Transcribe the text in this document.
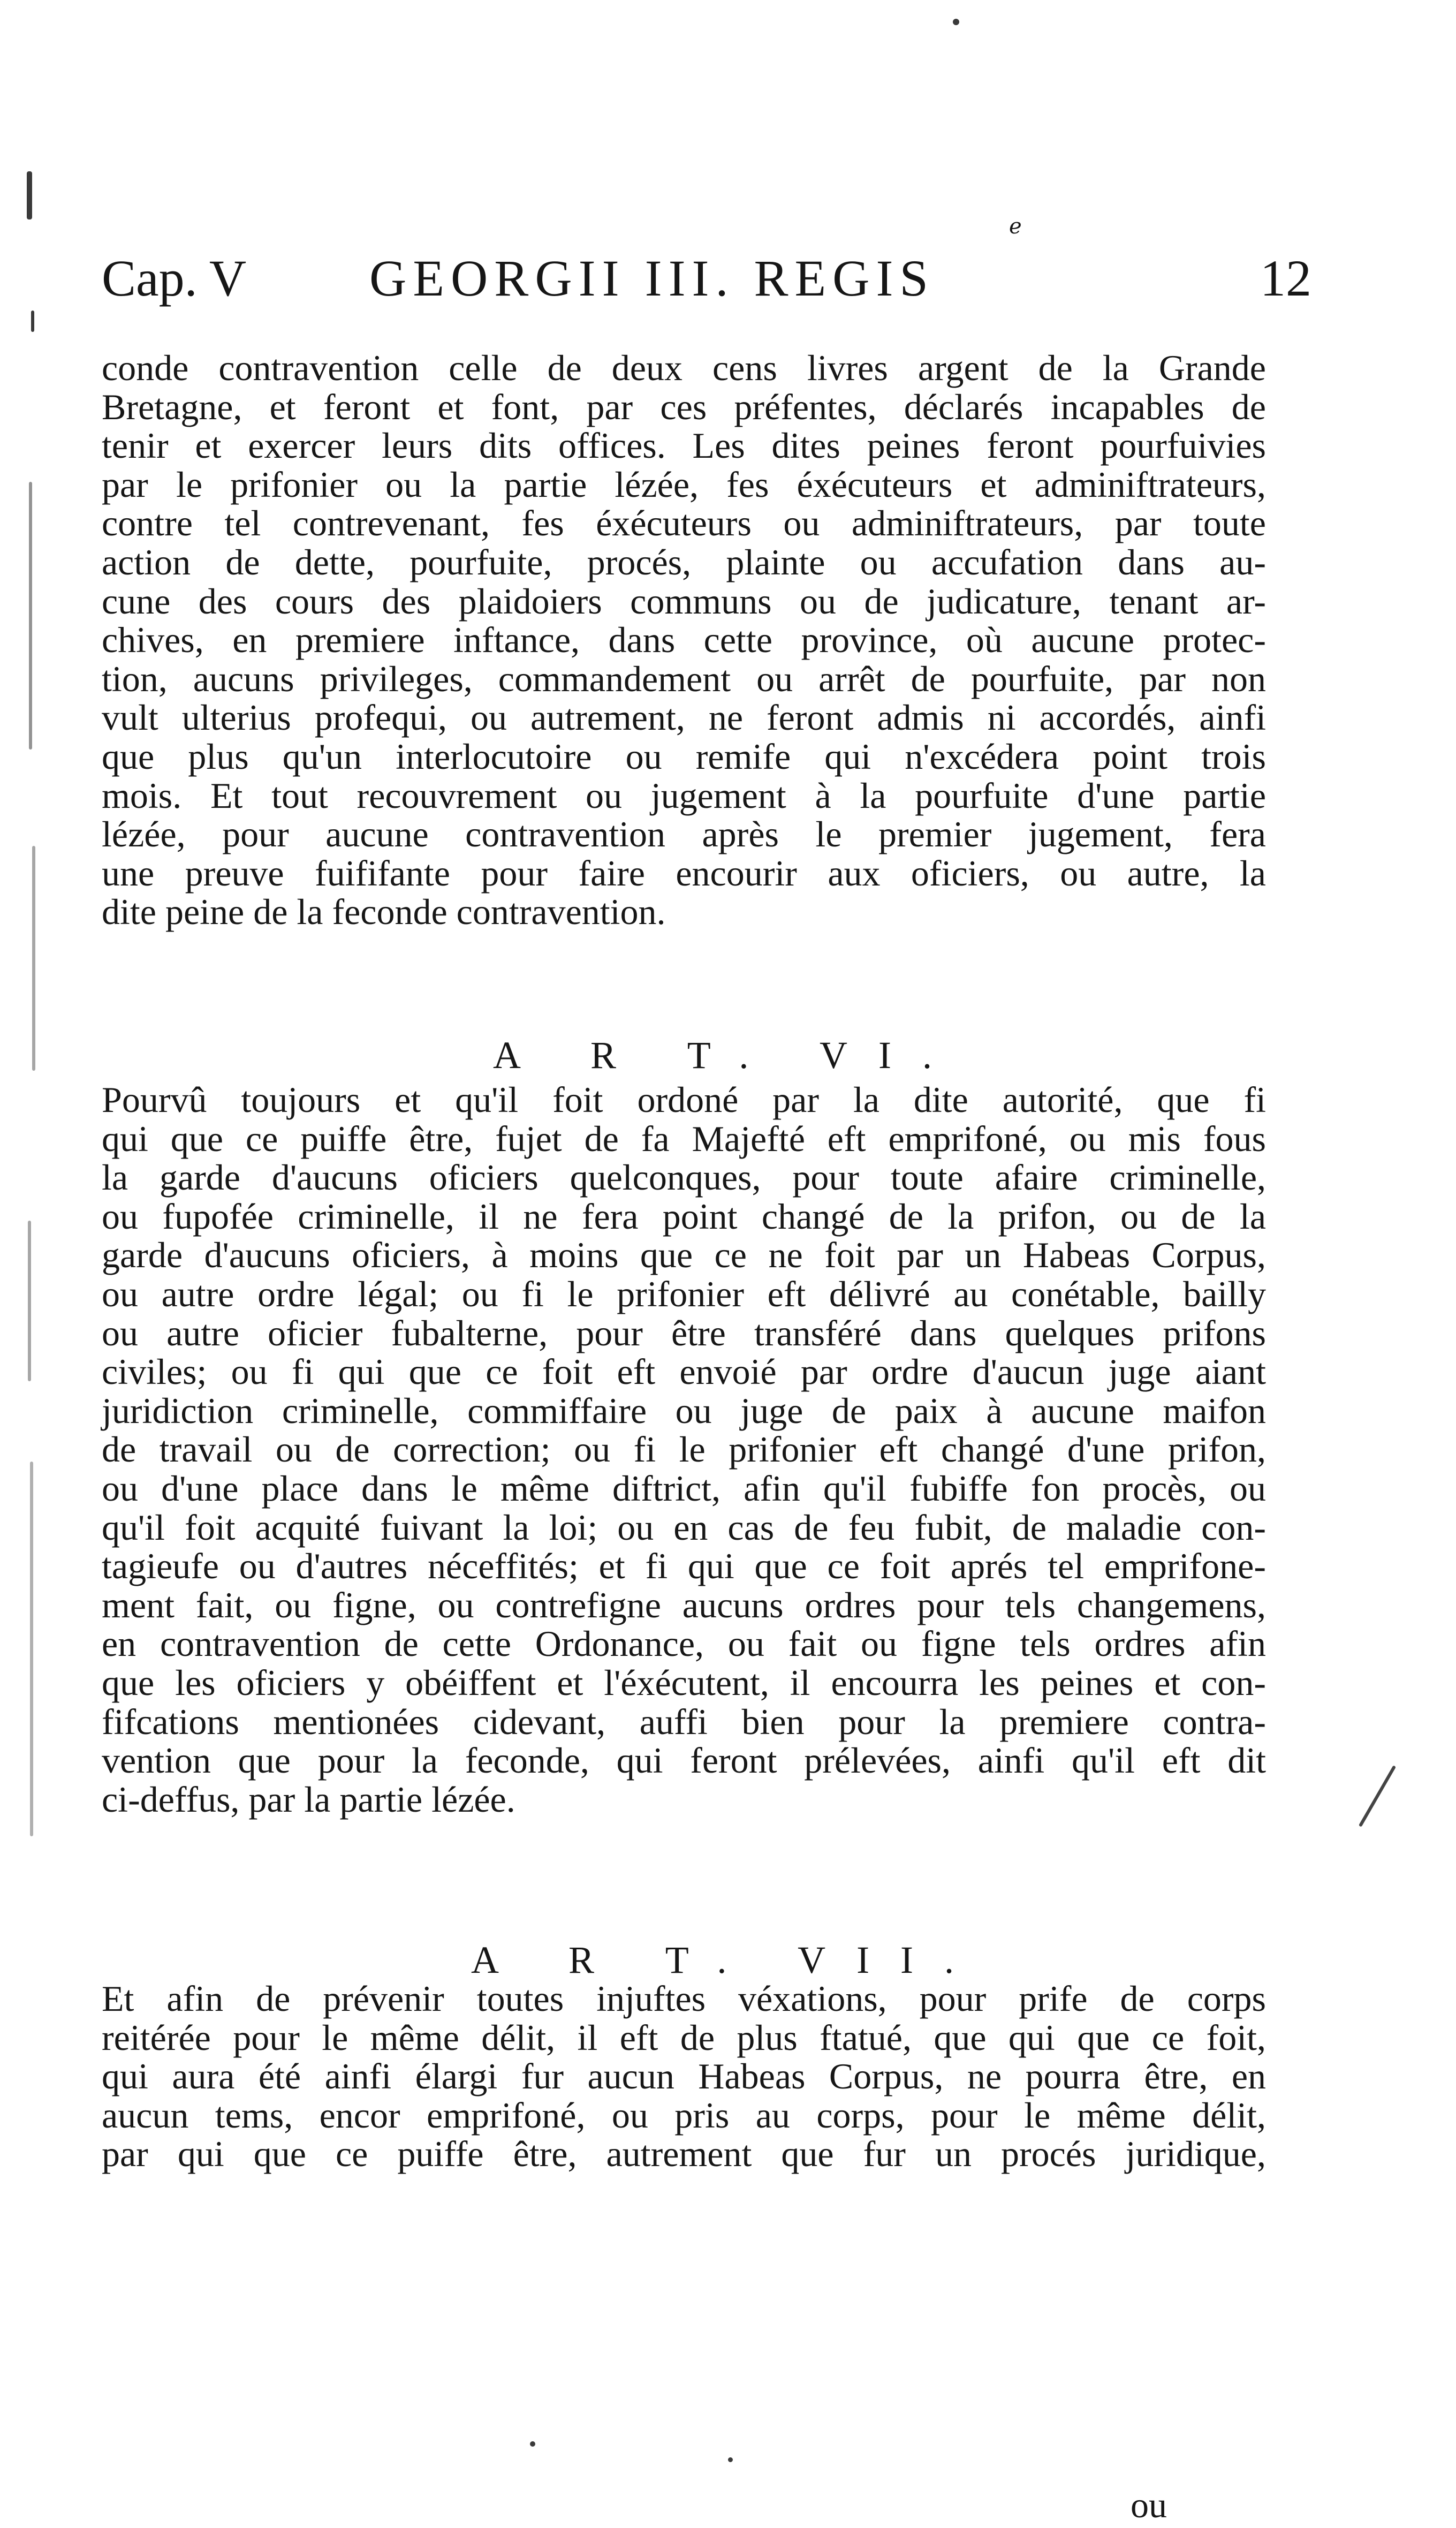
e
Cap. V GEORGII III. REGIS	12
conde contravention celle de deux cens livres argent de la Grande
Bretagne, et feront et font, par ces préfentes, déclarés incapables de
tenir et exercer leurs dits offices. Les dites peines feront pourfuivies
par le prifonier ou la partie lézée, fes éxécuteurs et adminiftrateurs,
contre tel contrevenant, fes éxécuteurs ou adminiftrateurs, par toute
action de dette, pourfuite, procés, plainte ou accufation dans au-
cune des cours des plaidoiers communs ou de judicature, tenant ar-
chives, en premiere inftance, dans cette province, où aucune protec-
tion, aucuns privileges, commandement ou arrêt de pourfuite, par non
vult ulterius profequi, ou autrement, ne feront admis ni accordés, ainfi
que plus qu'un interlocutoire ou remife qui n'excédera point trois
mois. Et tout recouvrement ou jugement à la pourfuite d'une partie
lézée, pour aucune contravention après le premier jugement, fera
une preuve fuififante pour faire encourir aux oficiers, ou autre, la
dite peine de la feconde contravention.
A R T. VI.
Pourvû toujours et qu'il foit ordoné par la dite autorité, que fi
qui que ce puiffe être, fujet de fa Majefté eft emprifoné, ou mis fous
la garde d'aucuns oficiers quelconques, pour toute afaire criminelle,
ou fupofée criminelle, il ne fera point changé de la prifon, ou de la
garde d'aucuns oficiers, à moins que ce ne foit par un Habeas Corpus,
ou autre ordre légal; ou fi le prifonier eft délivré au conétable, bailly
ou autre oficier fubalterne, pour être transféré dans quelques prifons
civiles; ou fi qui que ce foit eft envoié par ordre d'aucun juge aiant
juridiction criminelle, commiffaire ou juge de paix à aucune maifon
de travail ou de correction; ou fi le prifonier eft changé d'une prifon,
ou d'une place dans le même diftrict, afin qu'il fubiffe fon procès, ou
qu'il foit acquité fuivant la loi; ou en cas de feu fubit, de maladie con-
tagieufe ou d'autres néceffités; et fi qui que ce foit aprés tel emprifone-
ment fait, ou figne, ou contrefigne aucuns ordres pour tels changemens,
en contravention de cette Ordonance, ou fait ou figne tels ordres afin
que les oficiers y obéiffent et l'éxécutent, il encourra les peines et con-
fifcations mentionées cidevant, auffi bien pour la premiere contra-
vention que pour la feconde, qui feront prélevées, ainfi qu'il eft dit
ci-deffus, par la partie lézée.
A R T. VII.
Et afin de prévenir toutes injuftes véxations, pour prife de corps
reitérée pour le même délit, il eft de plus ftatué, que qui que ce foit,
qui aura été ainfi élargi fur aucun Habeas Corpus, ne pourra être, en
aucun tems, encor emprifoné, ou pris au corps, pour le même délit,
par qui que ce puiffe être, autrement que fur un procés juridique,
ou
